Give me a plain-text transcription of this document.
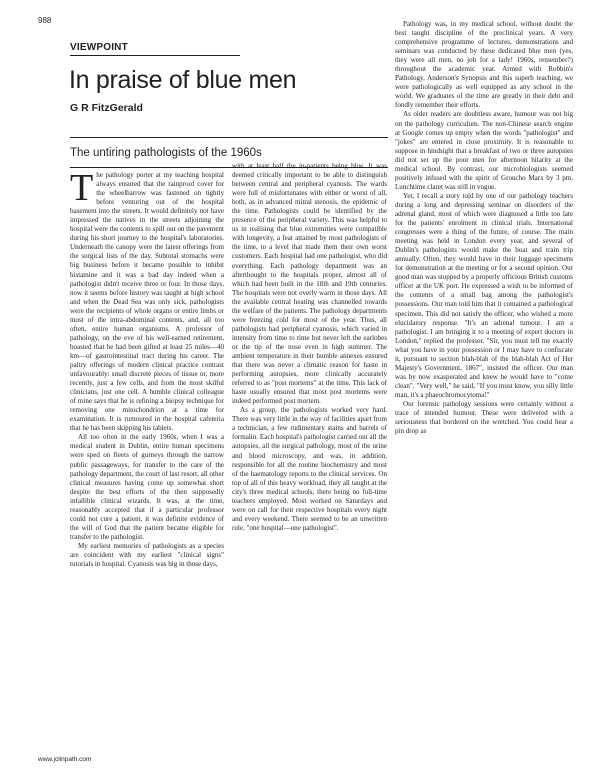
988
VIEWPOINT
In praise of blue men
G R FitzGerald
The untiring pathologists of the 1960s

The pathology porter at my teaching hospital always ensured that the rainproof cover for the wheelbarrow was fastened on tightly before venturing out of the hospital basement into the streets. It would definitely not have impressed the natives in the streets adjoining the hospital were the contents to spill out on the pavement during his short journey to the hospital's laboratories. Underneath the canopy were the latest offerings from the surgical lists of the day. Subtotal stomachs were big business before it became possible to inhibit histamine and it was a bad day indeed when a pathologist didn't receive three or four. In those days, now it seems before history was taught at high school and when the Dead Sea was only sick, pathologists were the recipients of whole organs or entire limbs or most of the intra-abdominal contents, and, all too often, entire human organisms. A professor of pathology, on the eve of his well-earned retirement, boasted that he had been gifted at least 25 miles—40 km—of gastrointestinal tract during his career. The paltry offerings of modern clinical practice contrast unfavourably: small discrete pieces of tissue or, more recently, just a few cells, and from the most skilful clinicians, just one cell. A humble clinical colleague of mine says that he is refining a biopsy technique for removing one mitochondrion at a time for examination. It is rumoured in the hospital cafeteria that he has been skipping his tablets.

All too often in the early 1960s, when I was a medical student in Dublin, entire human specimens were sped on fleets of gurneys through the narrow public passageways, for transfer to the care of the pathology department, the court of last resort, all other clinical measures having come up somewhat short despite the best efforts of the then supposedly infallible clinical wizards. It was, at the time, reasonably accepted that if a particular professor could not cure a patient, it was definite evidence of the will of God that the patient became eligible for transfer to the pathologist.

My earliest memories of pathologists as a species are coincident with my earliest "clinical signs" tutorials in hospital. Cyanosis was big in those days,

with at least half the in-patients being blue. It was deemed critically important to be able to distinguish between central and peripheral cyanosis. The wards were full of misfortunates with either or worst of all, both, as in advanced mitral stenosis, the epidemic of the time. Pathologists could be identified by the presence of the peripheral variety. This was helpful to us in realising that blue extremities were compatible with longevity, a feat attained by most pathologists of the time, to a level that made them their own worst customers. Each hospital had one pathologist, who did everything. Each pathology department was an afterthought to the hospitals proper, almost all of which had been built in the 18th and 19th centuries. The hospitals were not overly warm in those days. All the available central heating was channelled towards the welfare of the patients. The pathology departments were freezing cold for most of the year. Thus, all pathologists had peripheral cyanosis, which varied in intensity from time to time but never left the earlobes or the tip of the nose even in high summer. The ambient temperature in their humble annexes ensured that there was never a climatic reason for haste in performing autopsies, more clinically accurately referred to as "post mortems" at the time. This lack of haste usually ensured that most post mortems were indeed performed post mortem.

As a group, the pathologists worked very hard. There was very little in the way of facilities apart from a technician, a few rudimentary stains and barrels of formalin. Each hospital's pathologist carried out all the autopsies, all the surgical pathology, most of the urine and blood microscopy, and was, in addition, responsible for all the routine biochemistry and most of the haematology reports to the clinical services. On top of all of this heavy workload, they all taught at the city's three medical schools, there being no full-time teachers employed. Most worked on Saturdays and were on call for their respective hospitals every night and every weekend. There seemed to be an unwritten rule, "one hospital—one pathologist".

Pathology was, in my medical school, without doubt the best taught discipline of the preclinical years. A very comprehensive programme of lectures, demonstrations and seminars was conducted by these dedicated blue men (yes, they were all men, no job for a lady! 1960s, remember?) throughout the academic year. Armed with Robbin's Pathology, Anderson's Synopsis and this superb teaching, we were pathologically as well equipped as any school in the world. We graduates of the time are greatly in their debt and fondly remember their efforts.

As older readers are doubtless aware, humour was not big on the pathology curriculum. The non-Chinese search engine at Google comes up empty when the words "pathologist" and "jokes" are entered in close proximity. It is reasonable to suppose in hindsight that a breakfast of two or three autopsies did not set up the poor men for afternoon hilarity at the medical school. By contrast, our microbiologists seemed positively infused with the spirit of Groucho Marx by 3 pm. Lunchtime claret was still in vogue.

Yet, I recall a story told by one of our pathology teachers during a long and depressing seminar on disorders of the adrenal gland, most of which were diagnosed a little too late for the patients' enrolment in clinical trials. International congresses were a thing of the future, of course. The main meeting was held in London every year, and several of Dublin's pathologists would make the boat and train trip annually. Often, they would have in their luggage specimens for demonstration at the meeting or for a second opinion. Our good man was stopped by a properly officious British customs officer at the UK port. He expressed a wish to be informed of the contents of a small bag among the pathologist's possessions. Our man told him that it contained a pathological specimen. This did not satisfy the officer, who wished a more elucidatory response. "It's an adrenal tumour. I am a pathologist. I am bringing it to a meeting of expert doctors in London," replied the professor. "Sir, you must tell me exactly what you have in your possession or I may have to confiscate it, pursuant to section blah-blah of the blah-blah Act of Her Majesty's Government, 1867", insisted the officer. Our man was by now exasperated and knew he would have to "come clean". "Very well," he said, "If you must know, you silly little man, it's a phaeochromocytoma!"

Our forensic pathology sessions were certainly without a trace of intended humour. These were delivered with a seriousness that bordered on the wretched. You could hear a pin drop as

www.jclinpath.com
